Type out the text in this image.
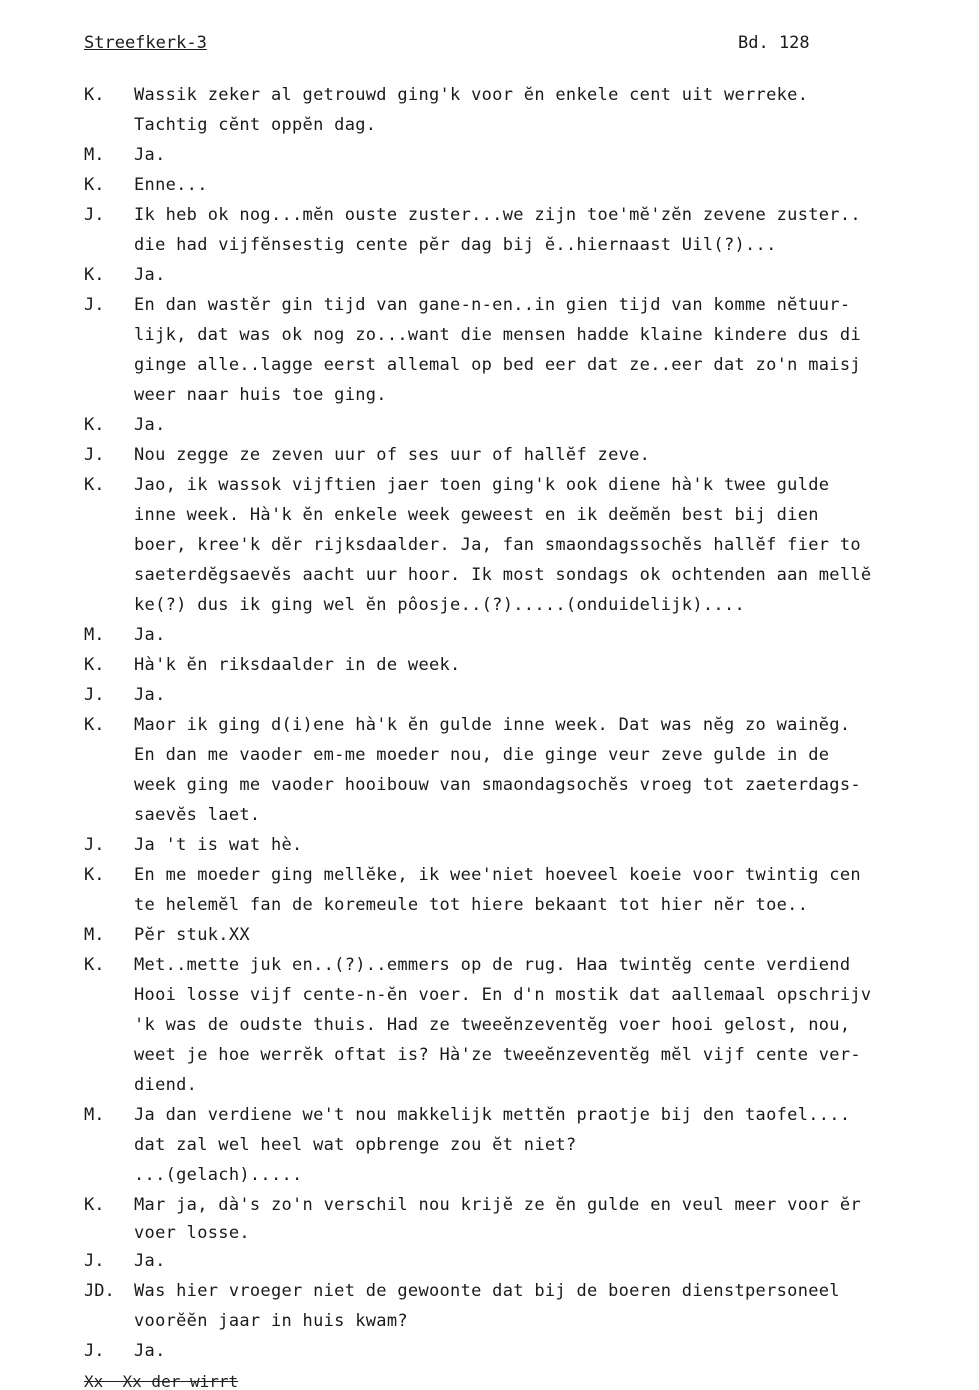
Streefkerk-3	Bd. 128
K.	Wassik zeker al getrouwd ging'k voor ĕn enkele cent uit werreke.
Tachtig cĕnt oppĕn dag.
M.	Ja.
K.	Enne...
J.	Ik heb ok nog...mĕn ouste zuster...we zijn toe'mĕ'zĕn zevene zuster..
die had vijfĕnsestig cente pĕr dag bij ĕ..hiernaast Uil(?)...
K.	Ja.
J.	En dan wastĕr gin tijd van gane-n-en..in gien tijd van komme nĕtuur-
lijk, dat was ok nog zo...want die mensen hadde klaine kindere dus di
ginge alle..lagge eerst allemal op bed eer dat ze..eer dat zo'n maisj
weer naar huis toe ging.
K.	Ja.
J.	Nou zegge ze zeven uur of ses uur of hallĕf zeve.
K.	Jao, ik wassok vijftien jaer toen ging'k ook diene hà'k twee gulde
inne week. Hà'k ĕn enkele week geweest en ik deĕmĕn best bij dien
boer, kree'k dĕr rijksdaalder. Ja, fan smaondagssochĕs hallĕf fier to
saeterdĕgsaevĕs aacht uur hoor. Ik most sondags ok ochtenden aan mellĕ
ke(?) dus ik ging wel ĕn pôosje..(?).....(onduidelijk)....
M.	Ja.
K.	Hà'k ĕn riksdaalder in de week.
J.	Ja.
K.	Maor ik ging d(i)ene hà'k ĕn gulde inne week. Dat was nĕg zo wainĕg.
En dan me vaoder em-me moeder nou, die ginge veur zeve gulde in de
week ging me vaoder hooibouw van smaondagsochĕs vroeg tot zaeterdags-
saevĕs laet.
J.	Ja 't is wat hè.
K.	En me moeder ging mellĕke, ik wee'niet hoeveel koeie voor twintig cen
te helemĕl fan de koremeule tot hiere bekaant tot hier nĕr toe..
M.	Pĕr stuk.XX
K.	Met..mette juk en..(?)..emmers op de rug. Haa twintĕg cente verdiend
Hooi losse vijf cente-n-ĕn voer. En d'n mostik dat aallemaal opschrijv
'k was de oudste thuis. Had ze tweeĕnzeventĕg voer hooi gelost, nou,
weet je hoe werrĕk oftat is? Hà'ze tweeĕnzeventĕg mĕl vijf cente ver-
diend.
M.	Ja dan verdiene we't nou makkelijk mettĕn praotje bij den taofel....
dat zal wel heel wat opbrenge zou ĕt niet?
...(gelach).....
K.	Mar ja, dà's zo'n verschil nou krijĕ ze ĕn gulde en veul meer voor ĕr
voer losse.
J.	Ja.
JD.	Was hier vroeger niet de gewoonte dat bij de boeren dienstpersoneel
voorĕĕn jaar in huis kwam?
J.	Ja.
Xx  Xx der wirrt
